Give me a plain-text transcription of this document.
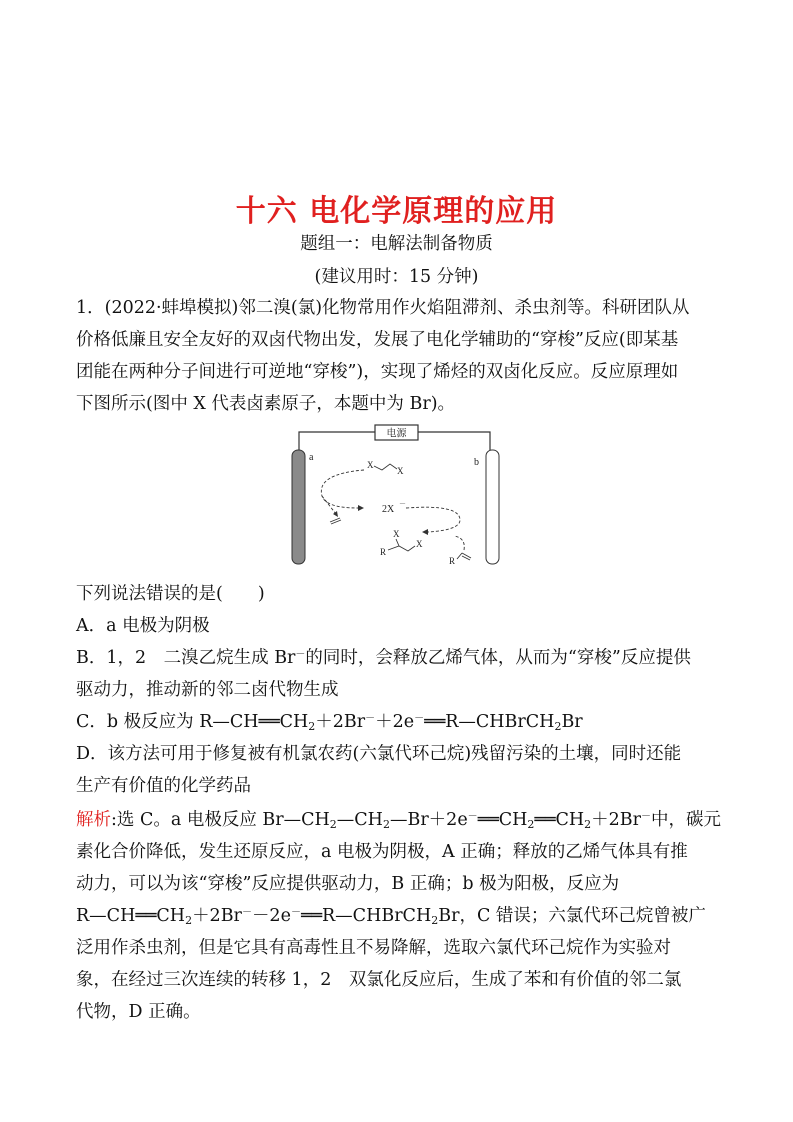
十六 电化学原理的应用
题组一：电解法制备物质
(建议用时：15 分钟)
1．(2022·蚌埠模拟)邻二溴(氯)化物常用作火焰阻滞剂、杀虫剂等。科研团队从
价格低廉且安全友好的双卤代物出发，发展了电化学辅助的“穿梭”反应(即某基
团能在两种分子间进行可逆地“穿梭”)，实现了烯烃的双卤化反应。反应原理如
下图所示(图中 X 代表卤素原子，本题中为 Br)。
电源
a	b
X
X
2X －
X
X
R
R
下列说法错误的是(　　)
A．a 电极为阴极
B．1，2　二溴乙烷生成 Br－的同时，会释放乙烯气体，从而为“穿梭”反应提供
驱动力，推动新的邻二卤代物生成
C．b 极反应为 $R—CH══CH_2+2Br^-+2e^-══R—CHBrCH_2Br$
D．该方法可用于修复被有机氯农药(六氯代环己烷)残留污染的土壤，同时还能
生产有价值的化学药品
解析:选 C。a 电极反应 $Br—CH_2—CH_2—Br+2e^-══CH_2══CH_2+2Br^-$中，碳元
素化合价降低，发生还原反应，a 电极为阴极，A 正确；释放的乙烯气体具有推
动力，可以为该“穿梭”反应提供驱动力，B 正确；b 极为阳极，反应为
$R—CH══CH_2+2Br^--2e^-══R—CHBrCH_2Br$，C 错误；六氯代环己烷曾被广
泛用作杀虫剂，但是它具有高毒性且不易降解，选取六氯代环己烷作为实验对
象，在经过三次连续的转移 1，2　双氯化反应后，生成了苯和有价值的邻二氯
代物，D 正确。
